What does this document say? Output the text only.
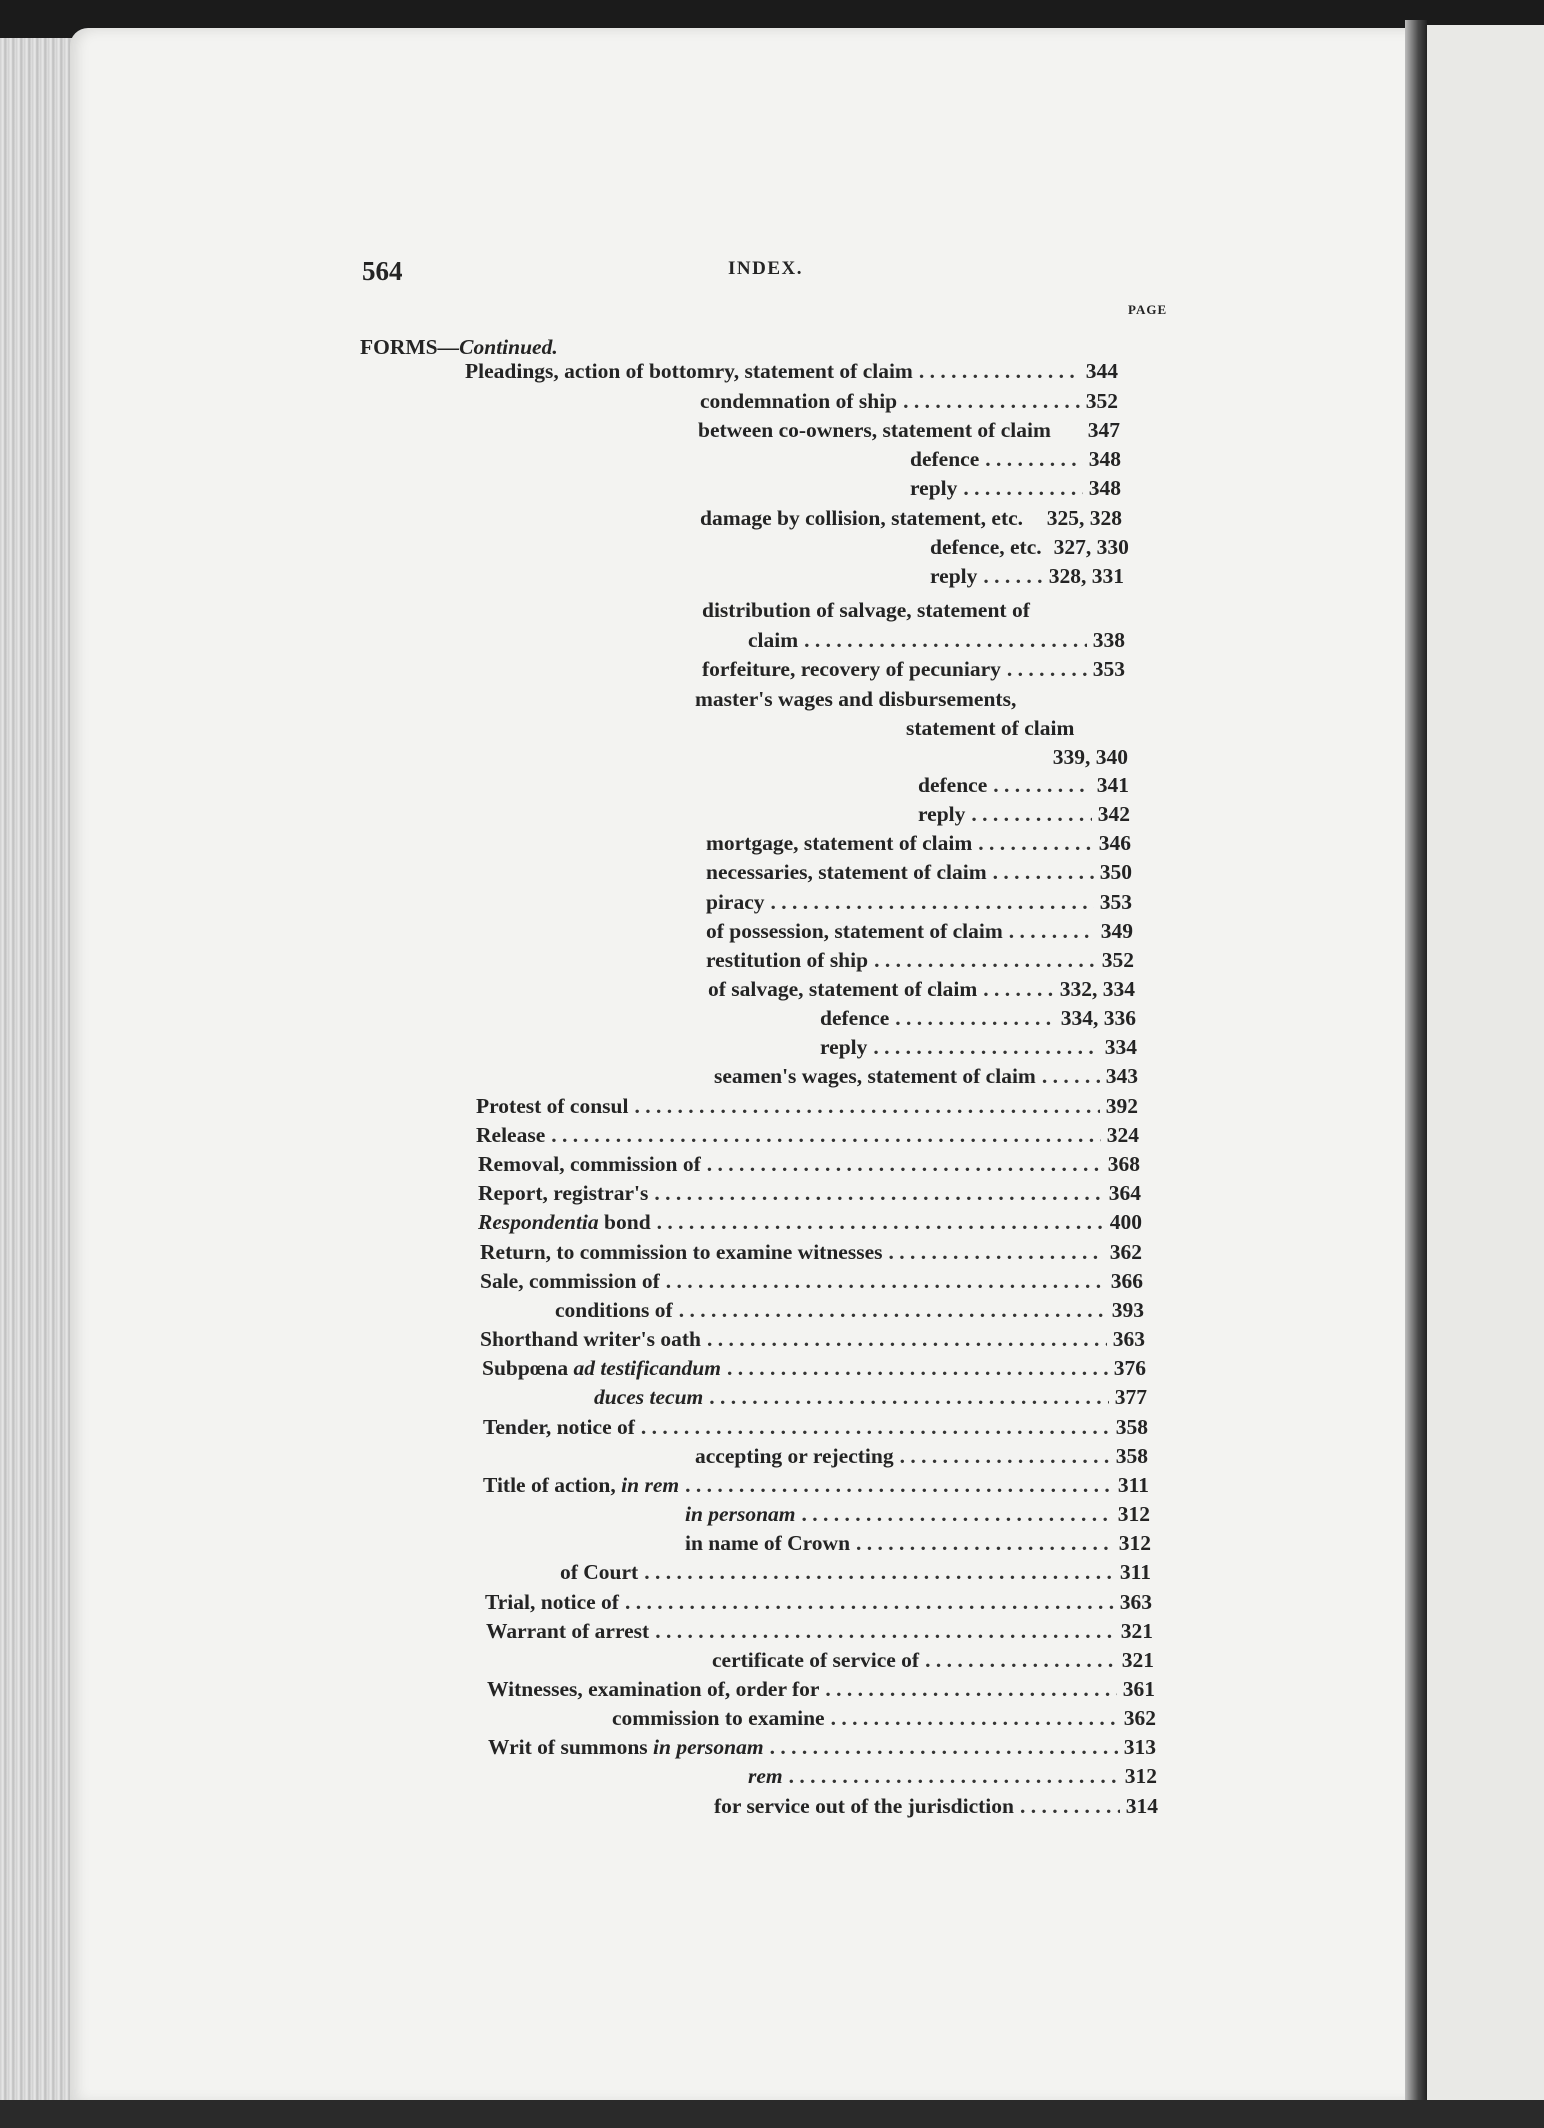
564	INDEX.
PAGE
FORMS —Continued.
Pleadings, action of bottomry, statement of claim . . .	344
condemnation of ship . . .	352
between co-owners, statement of claim 347
defence . . .	348
reply . . .	348
damage by collision, statement, etc. 325, 328
defence, etc. 327, 330
reply . . .	328, 331
distribution of salvage, statement of
claim . . .	338
forfeiture, recovery of pecuniary . . .	353
master's wages and disbursements,
statement of claim
339, 340
defence . . .	341
reply . . .	342
mortgage, statement of claim . . .	346
necessaries, statement of claim . . .	350
piracy . . .	353
of possession, statement of claim . . .	349
restitution of ship . . .	352
of salvage, statement of claim . . .	332, 334
defence . . .	334, 336
reply . . .	334
seamen's wages, statement of claim . . .	343
Protest of consul . . .	392
Release . . .	324
Removal, commission of . . .	368
Report, registrar's . . .	364
Respondentia bond . . .	400
Return, to commission to examine witnesses . . .	362
Sale, commission of . . .	366
conditions of . . .	393
Shorthand writer's oath . . .	363
Subpœna ad testificandum . . .	376
duces tecum . . .	377
Tender, notice of . . .	358
accepting or rejecting . . .	358
Title of action, in rem . . .	311
in personam . . .	312
in name of Crown . . .	312
of Court . . .	311
Trial, notice of . . .	363
Warrant of arrest . . .	321
certificate of service of . . .	321
Witnesses, examination of, order for . . .	361
commission to examine . . .	362
Writ of summons in personam . . .	313
rem . . .	312
for service out of the jurisdiction . . .	314
